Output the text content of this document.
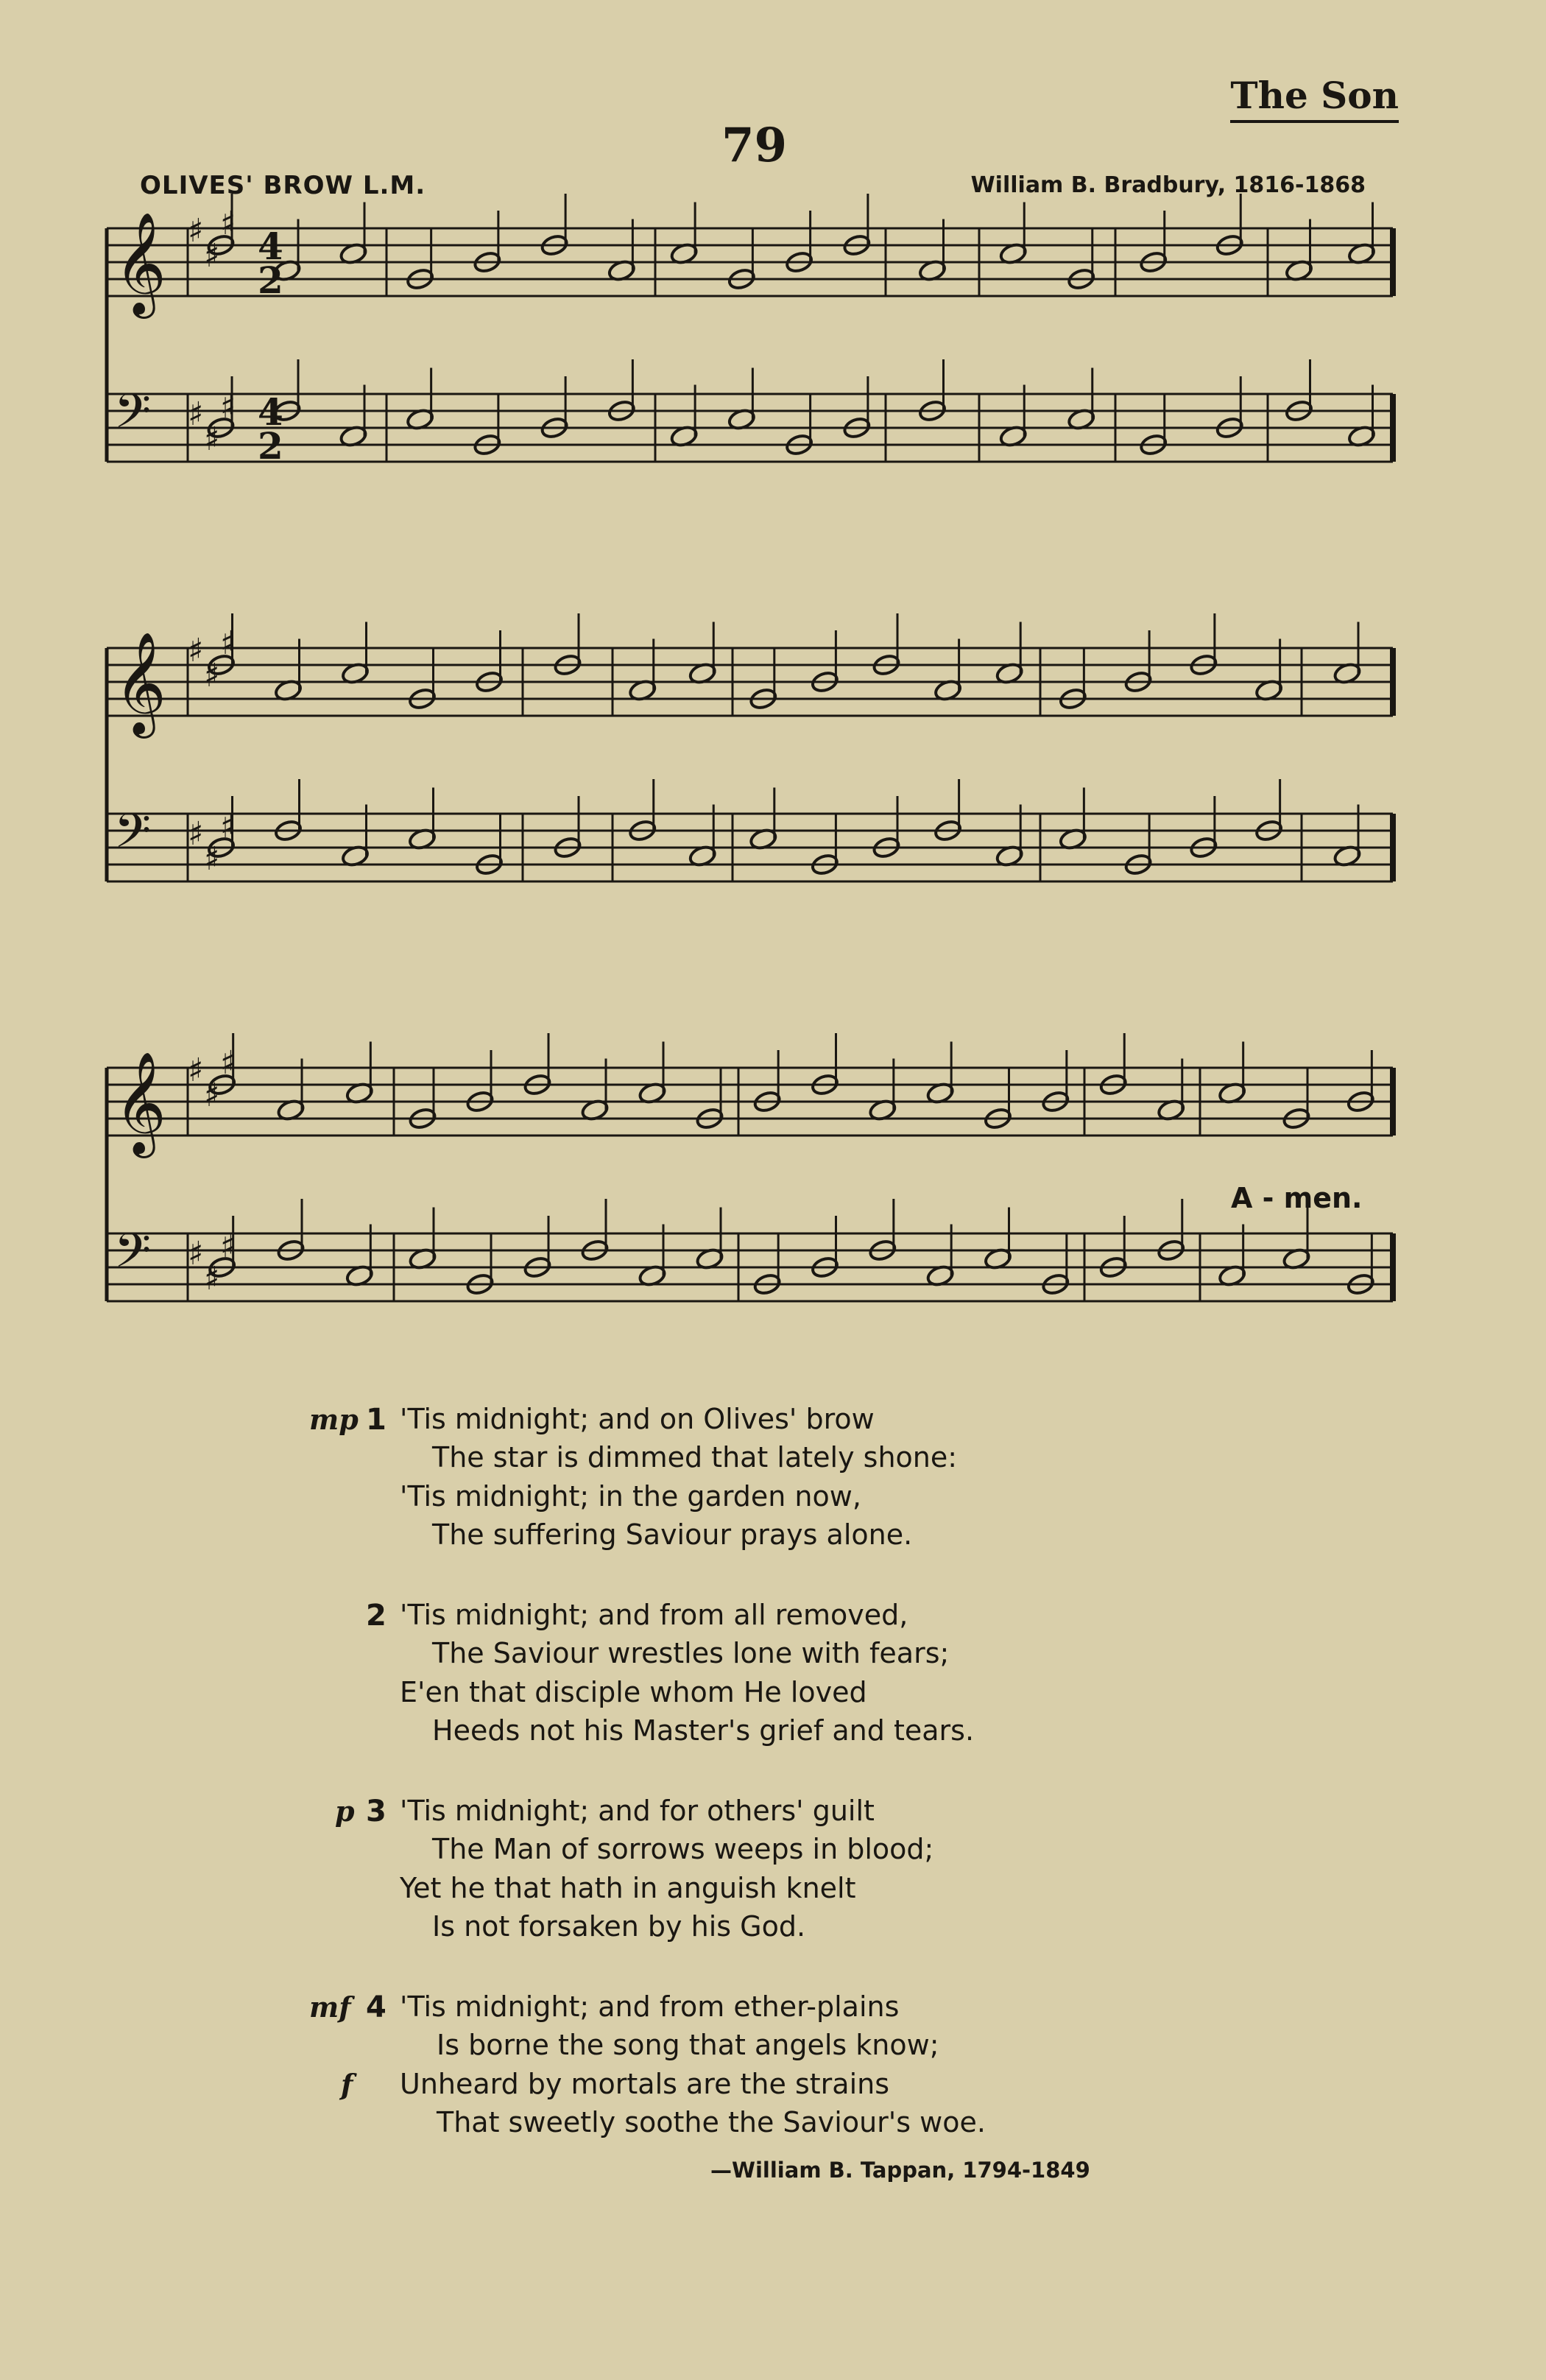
The Son
79
OLIVES' BROW L.M.	William B. Bradbury, 1816-1868
𝄞 ♯
♯
♯
𝄢 ♯
♯
♯
𝄞 ♯
♯
♯
𝄢 ♯
♯
♯
𝄞 ♯
♯
♯
𝄢 ♯
♯
♯
4
2
4
2
A - men.
mp 1 'Tis midnight; and on Olives' brow
The star is dimmed that lately shone:
'Tis midnight; in the garden now,
The suffering Saviour prays alone.
2 'Tis midnight; and from all removed,
The Saviour wrestles lone with fears;
E'en that disciple whom He loved
Heeds not his Master's grief and tears.
p 3 'Tis midnight; and for others' guilt
The Man of sorrows weeps in blood;
Yet he that hath in anguish knelt
Is not forsaken by his God.
mf 4 'Tis midnight; and from ether-plains
Is borne the song that angels know;
f Unheard by mortals are the strains
That sweetly soothe the Saviour's woe.
—William B. Tappan, 1794-1849
